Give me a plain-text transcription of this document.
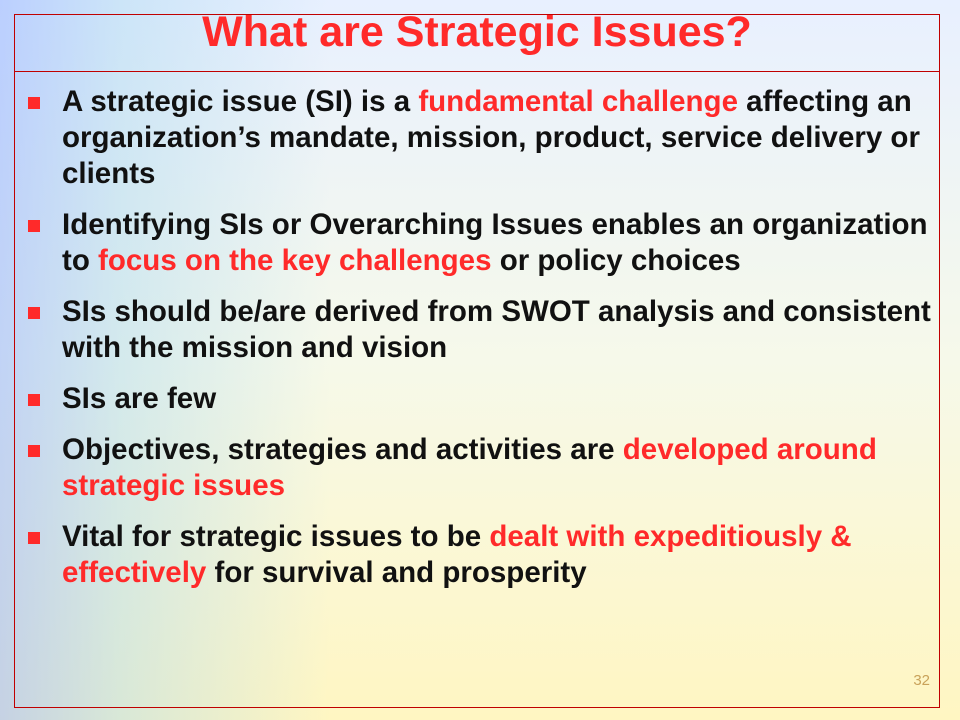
What are Strategic Issues?
A strategic issue (SI) is a fundamental challenge affecting an organization’s mandate, mission, product, service delivery or clients
Identifying SIs or Overarching Issues enables an organization to focus on the key challenges or policy choices
SIs should be/are derived from SWOT analysis and consistent with the mission and vision
SIs are few
Objectives, strategies and activities are developed around strategic issues
Vital for strategic issues to be dealt with expeditiously & effectively for survival and prosperity
32
